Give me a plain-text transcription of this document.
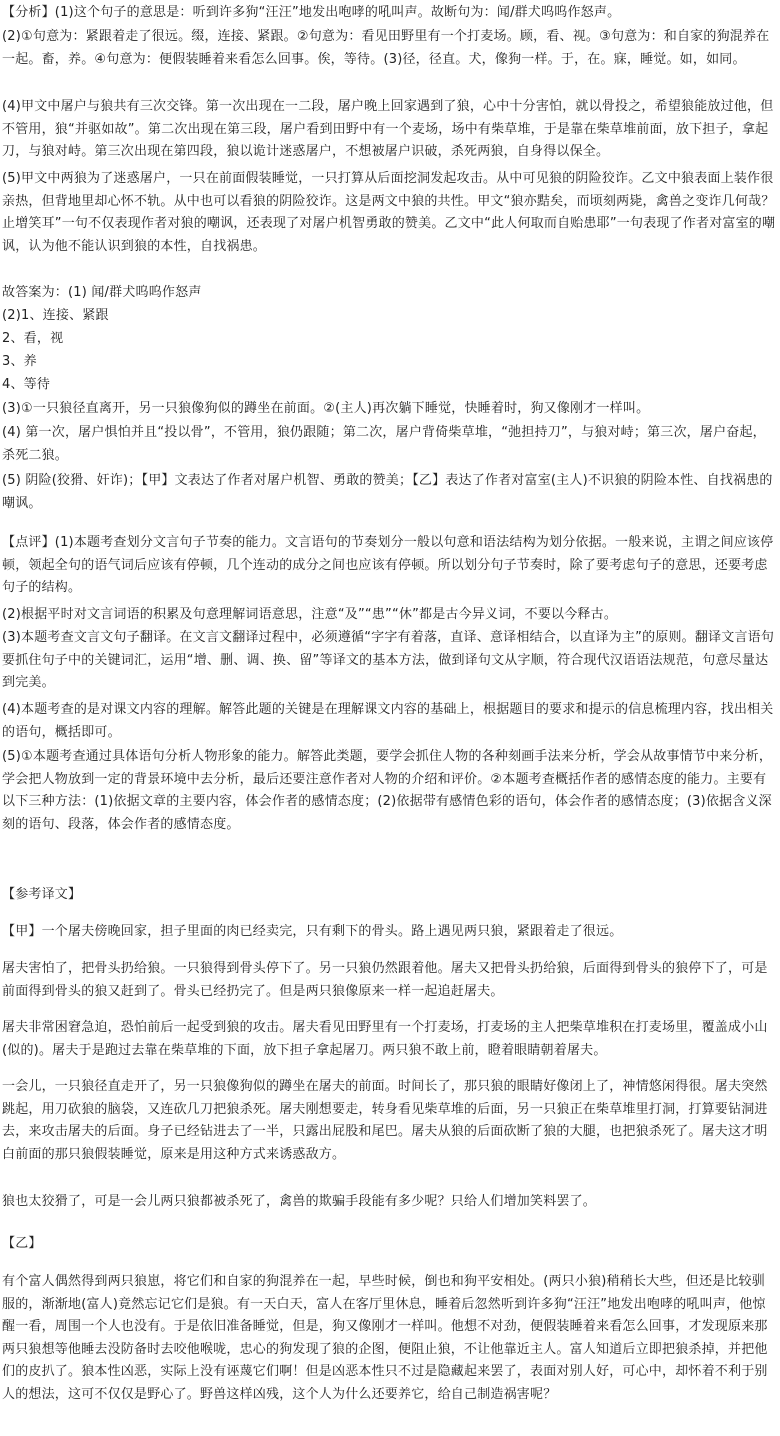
【分析】(1)这个句子的意思是：听到许多狗“汪汪”地发出咆哮的吼叫声。故断句为：闻/群犬呜呜作怒声。
(2)①句意为：紧跟着走了很远。缀，连接、紧跟。②句意为：看见田野里有一个打麦场。顾，看、视。③句意为：和自家的狗混养在一起。畜，养。④句意为：便假装睡着来看怎么回事。俟，等待。(3)径，径直。犬，像狗一样。于，在。寐，睡觉。如，如同。
(4)甲文中屠户与狼共有三次交锋。第一次出现在一二段，屠户晚上回家遇到了狼，心中十分害怕，就以骨投之，希望狼能放过他，但不管用，狼“并驱如故”。第二次出现在第三段，屠户看到田野中有一个麦场，场中有柴草堆，于是靠在柴草堆前面，放下担子，拿起刀，与狼对峙。第三次出现在第四段，狼以诡计迷惑屠户，不想被屠户识破，杀死两狼，自身得以保全。
(5)甲文中两狼为了迷惑屠户，一只在前面假装睡觉，一只打算从后面挖洞发起攻击。从中可见狼的阴险狡诈。乙文中狼表面上装作很亲热，但背地里却心怀不轨。从中也可以看狼的阴险狡诈。这是两文中狼的共性。甲文“狼亦黠矣，而顷刻两毙，禽兽之变诈几何哉？止增笑耳”一句不仅表现作者对狼的嘲讽，还表现了对屠户机智勇敢的赞美。乙文中“此人何取而自贻患耶”一句表现了作者对富室的嘲讽，认为他不能认识到狼的本性，自找祸患。
故答案为：(1) 闻/群犬呜呜作怒声
(2)1、连接、紧跟
2、看，视
3、养
4、等待
(3)①一只狼径直离开，另一只狼像狗似的蹲坐在前面。②(主人)再次躺下睡觉，快睡着时，狗又像刚才一样叫。
(4) 第一次，屠户惧怕并且“投以骨”，不管用，狼仍跟随；第二次，屠户背倚柴草堆，“弛担持刀”，与狼对峙；第三次，屠户奋起，杀死二狼。
(5) 阴险(狡猾、奸诈)；【甲】文表达了作者对屠户机智、勇敢的赞美；【乙】表达了作者对富室(主人)不识狼的阴险本性、自找祸患的嘲讽。
【点评】(1)本题考查划分文言句子节奏的能力。文言语句的节奏划分一般以句意和语法结构为划分依据。一般来说，主谓之间应该停顿，领起全句的语气词后应该有停顿，几个连动的成分之间也应该有停顿。所以划分句子节奏时，除了要考虑句子的意思，还要考虑句子的结构。
(2)根据平时对文言词语的积累及句意理解词语意思，注意“及”“患”“休”都是古今异义词，不要以今释古。
(3)本题考查文言文句子翻译。在文言文翻译过程中，必须遵循“字字有着落，直译、意译相结合，以直译为主”的原则。翻译文言语句要抓住句子中的关键词汇，运用“增、删、调、换、留”等译文的基本方法，做到译句文从字顺，符合现代汉语语法规范，句意尽量达到完美。
(4)本题考查的是对课文内容的理解。解答此题的关键是在理解课文内容的基础上，根据题目的要求和提示的信息梳理内容，找出相关的语句，概括即可。
(5)①本题考查通过具体语句分析人物形象的能力。解答此类题，要学会抓住人物的各种刻画手法来分析，学会从故事情节中来分析，学会把人物放到一定的背景环境中去分析，最后还要注意作者对人物的介绍和评价。②本题考查概括作者的感情态度的能力。主要有以下三种方法：(1)依据文章的主要内容，体会作者的感情态度；(2)依据带有感情色彩的语句，体会作者的感情态度；(3)依据含义深刻的语句、段落，体会作者的感情态度。
【参考译文】
【甲】一个屠夫傍晚回家，担子里面的肉已经卖完，只有剩下的骨头。路上遇见两只狼，紧跟着走了很远。
屠夫害怕了，把骨头扔给狼。一只狼得到骨头停下了。另一只狼仍然跟着他。屠夫又把骨头扔给狼，后面得到骨头的狼停下了，可是前面得到骨头的狼又赶到了。骨头已经扔完了。但是两只狼像原来一样一起追赶屠夫。
屠夫非常困窘急迫，恐怕前后一起受到狼的攻击。屠夫看见田野里有一个打麦场，打麦场的主人把柴草堆积在打麦场里，覆盖成小山(似的)。屠夫于是跑过去靠在柴草堆的下面，放下担子拿起屠刀。两只狼不敢上前，瞪着眼睛朝着屠夫。
一会儿，一只狼径直走开了，另一只狼像狗似的蹲坐在屠夫的前面。时间长了，那只狼的眼睛好像闭上了，神情悠闲得很。屠夫突然跳起，用刀砍狼的脑袋，又连砍几刀把狼杀死。屠夫刚想要走，转身看见柴草堆的后面，另一只狼正在柴草堆里打洞，打算要钻洞进去，来攻击屠夫的后面。身子已经钻进去了一半，只露出屁股和尾巴。屠夫从狼的后面砍断了狼的大腿，也把狼杀死了。屠夫这才明白前面的那只狼假装睡觉，原来是用这种方式来诱惑敌方。
狼也太狡猾了，可是一会儿两只狼都被杀死了，禽兽的欺骗手段能有多少呢？只给人们增加笑料罢了。
【乙】
有个富人偶然得到两只狼崽，将它们和自家的狗混养在一起，早些时候，倒也和狗平安相处。(两只小狼)稍稍长大些，但还是比较驯服的，渐渐地(富人)竟然忘记它们是狼。有一天白天，富人在客厅里休息，睡着后忽然听到许多狗“汪汪”地发出咆哮的吼叫声，他惊醒一看，周围一个人也没有。于是依旧准备睡觉，但是，狗又像刚才一样叫。他想不对劲，便假装睡着来看怎么回事，才发现原来那两只狼想等他睡去没防备时去咬他喉咙，忠心的狗发现了狼的企图，便阻止狼，不让他靠近主人。富人知道后立即把狼杀掉，并把他们的皮扒了。狼本性凶恶，实际上没有诬蔑它们啊！但是凶恶本性只不过是隐藏起来罢了，表面对别人好，可心中，却怀着不利于别人的想法，这可不仅仅是野心了。野兽这样凶残，这个人为什么还要养它，给自己制造祸害呢？
